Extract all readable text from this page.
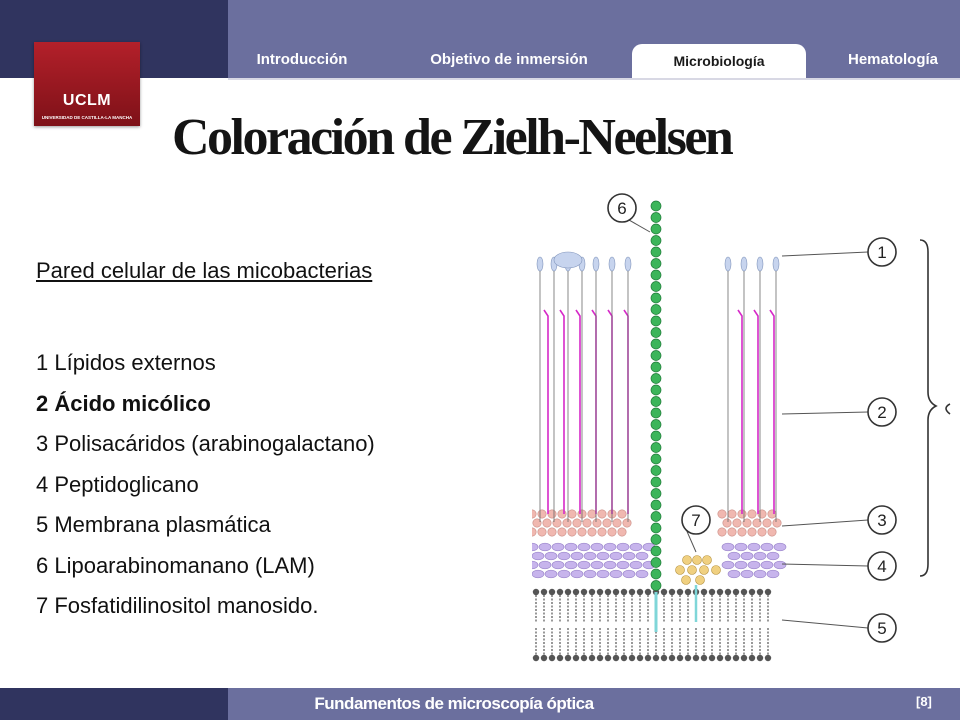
UCLM
UNIVERSIDAD DE CASTILLA-LA MANCHA
Introducción	Objetivo de inmersión	Microbiología	Hematología
Coloración de Zielh-Neelsen
Pared celular de las micobacterias
1 Lípidos externos
2 Ácido micólico
3 Polisacáridos (arabinogalactano)
4 Peptidoglicano
5 Membrana plasmática
6 Lipoarabinomanano (LAM)
7 Fosfatidilinositol manosido.
1
2
3
4
5
6
7
Fundamentos de microscopía óptica	[8]
